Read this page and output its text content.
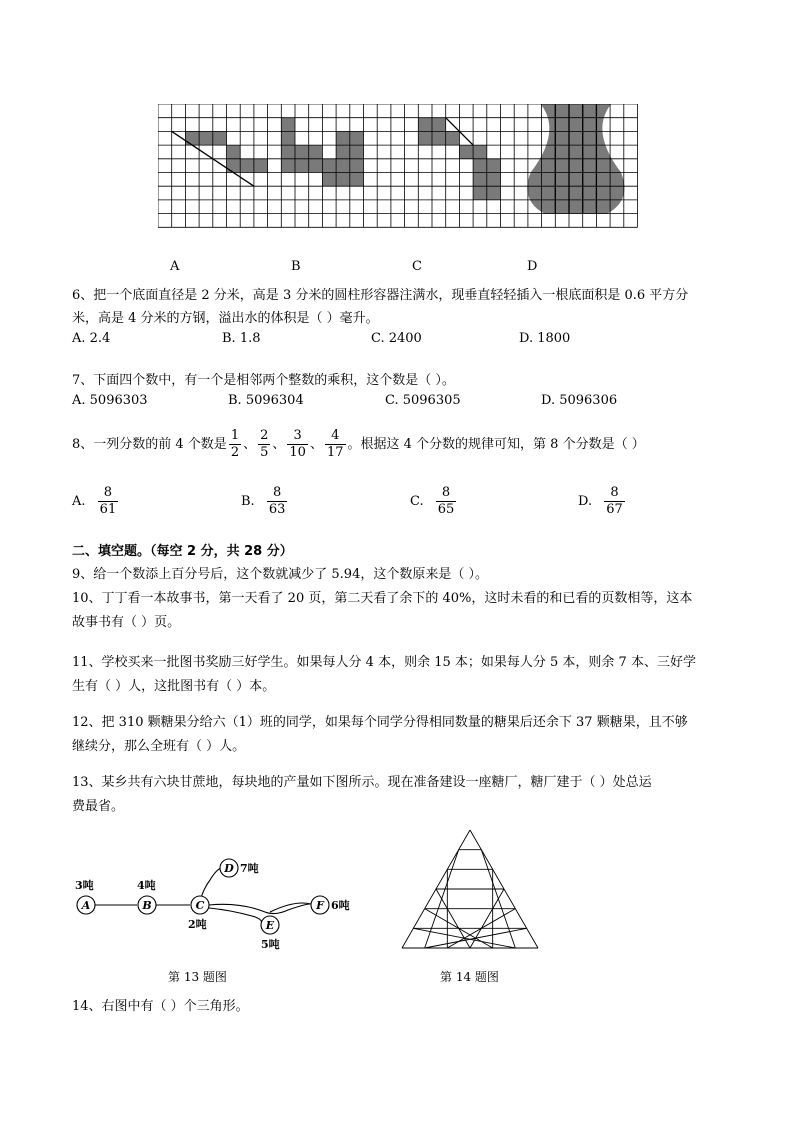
A	B	C	D
6、把一个底面直径是 2 分米，高是 3 分米的圆柱形容器注满水，现垂直轻轻插入一根底面积是 0.6 平方分
米，高是 4 分米的方钢，溢出水的体积是（ ）毫升。
A. 2.4	B. 1.8	C. 2400	D. 1800
7、下面四个数中，有一个是相邻两个整数的乘积，这个数是（ ）。
A. 5096303	B. 5096304	C. 5096305	D. 5096306
8、一列分数的前 4 个数是 $\frac{1}{2}$ 、 $\frac{2}{5}$ 、 $\frac{3}{10}$ 、 $\frac{4}{17}$ 。根据这 4 个分数的规律可知，第 8 个分数是（ ）
A. $\frac{8}{61}$	B. $\frac{8}{63}$	C. $\frac{8}{65}$	D. $\frac{8}{67}$
二、填空题。（每空 2 分，共 28 分）
9、给一个数添上百分号后，这个数就减少了 5.94，这个数原来是（ ）。
10、丁丁看一本故事书，第一天看了 20 页，第二天看了余下的 40%，这时未看的和已看的页数相等，这本
故事书有（ ）页。
11、学校买来一批图书奖励三好学生。如果每人分 4 本，则余 15 本；如果每人分 5 本，则余 7 本、三好学
生有（ ）人，这批图书有（ ）本。
12、把 310 颗糖果分给六（1）班的同学，如果每个同学分得相同数量的糖果后还余下 37 颗糖果，且不够
继续分，那么全班有（ ）人。
13、某乡共有六块甘蔗地，每块地的产量如下图所示。现在准备建设一座糖厂，糖厂建于（ ）处总运
费最省。
A	B	C
D
E
F
3吨	4吨
2吨
7吨
5吨
6吨
第 13 题图	第 14 题图
14、右图中有（ ）个三角形。
